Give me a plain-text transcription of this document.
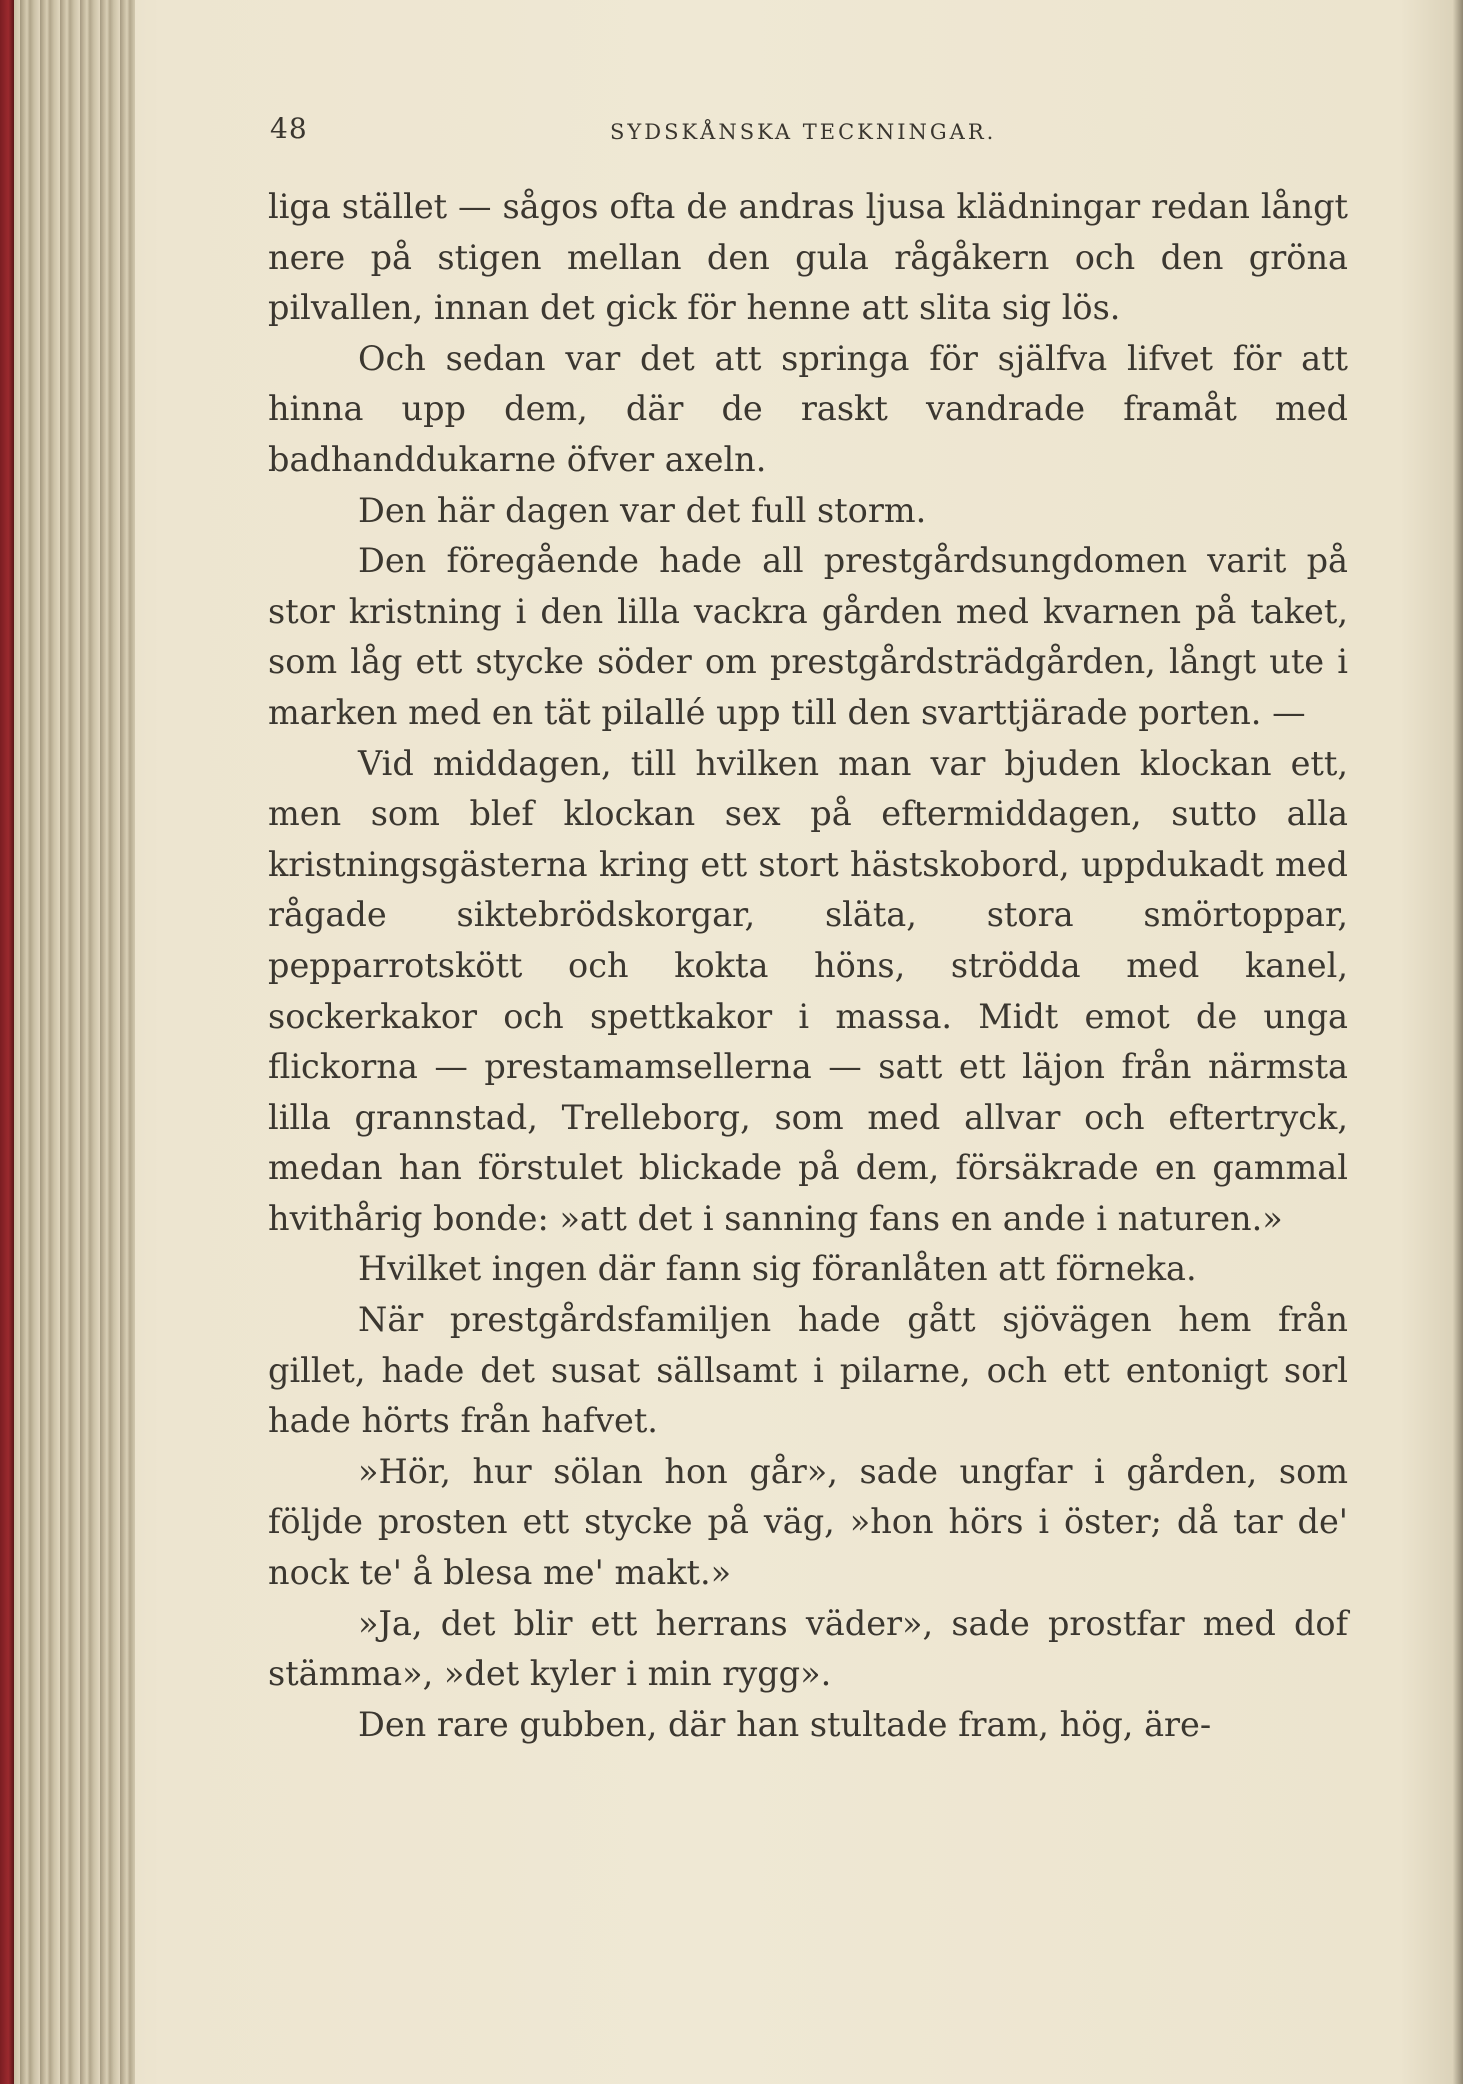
48	SYDSKÅNSKA TECKNINGAR.

liga stället — sågos ofta de andras ljusa klädningar redan långt nere på stigen mellan den gula rågåkern och den gröna pilvallen, innan det gick för henne att slita sig lös.

Och sedan var det att springa för själfva lifvet för att hinna upp dem, där de raskt vandrade framåt med badhanddukarne öfver axeln.

Den här dagen var det full storm.

Den föregående hade all prestgårdsungdomen varit på stor kristning i den lilla vackra gården med kvarnen på taket, som låg ett stycke söder om prestgårdsträdgården, långt ute i marken med en tät pilallé upp till den svarttjärade porten. —

Vid middagen, till hvilken man var bjuden klockan ett, men som blef klockan sex på eftermiddagen, sutto alla kristningsgästerna kring ett stort hästskobord, uppdukadt med rågade siktebrödskorgar, släta, stora smörtoppar, pepparrotskött och kokta höns, strödda med kanel, sockerkakor och spettkakor i massa. Midt emot de unga flickorna — prestamamsellerna — satt ett läjon från närmsta lilla grannstad, Trelleborg, som med allvar och eftertryck, medan han förstulet blickade på dem, försäkrade en gammal hvithårig bonde: »att det i sanning fans en ande i naturen.»

Hvilket ingen där fann sig föranlåten att förneka.

När prestgårdsfamiljen hade gått sjövägen hem från gillet, hade det susat sällsamt i pilarne, och ett entonigt sorl hade hörts från hafvet.

»Hör, hur sölan hon går», sade ungfar i gården, som följde prosten ett stycke på väg, »hon hörs i öster; då tar de' nock te' å blesa me' makt.»

»Ja, det blir ett herrans väder», sade prostfar med dof stämma», »det kyler i min rygg».

Den rare gubben, där han stultade fram, hög, äre-
